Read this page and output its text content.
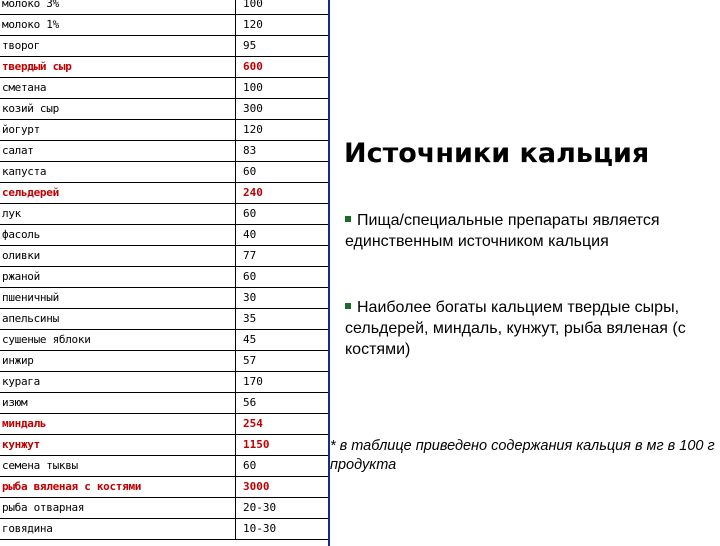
молоко 3%	100
молоко 1%	120
творог	95
твердый сыр	600
сметана	100
козий сыр	300
йогурт	120
салат	83
капуста	60
сельдерей	240
лук	60
фасоль	40
оливки	77
ржаной	60
пшеничный	30
апельсины	35
сушеные яблоки	45
инжир	57
курага	170
изюм	56
миндаль	254
кунжут	1150
семена тыквы	60
рыба вяленая с костями	3000
рыба отварная	20-30
говядина	10-30
Источники кальция
Пища/специальные препараты является единственным источником кальция
Наиболее богаты кальцием твердые сыры, сельдерей, миндаль, кунжут, рыба вяленая (с костями)
* в таблице приведено содержания кальция в мг в 100 г продукта
